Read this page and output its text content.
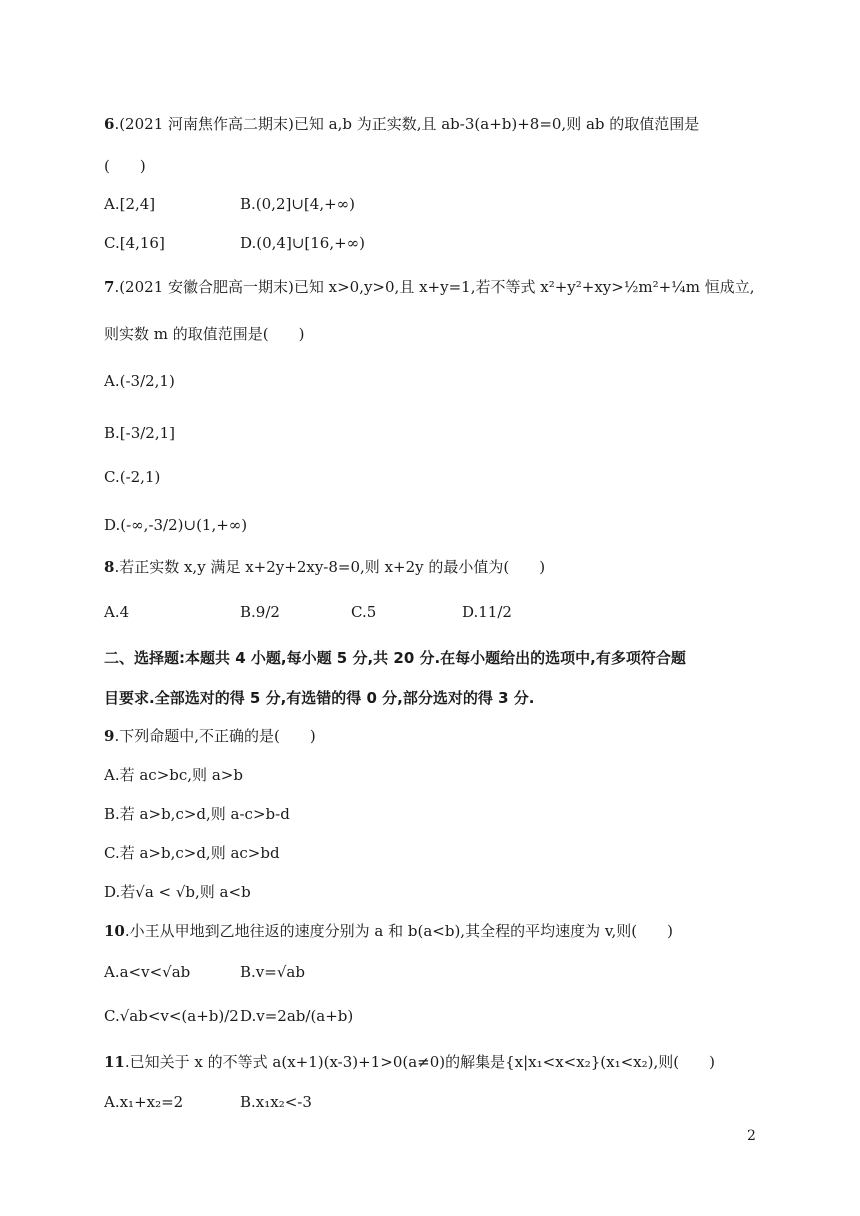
6.(2021 河南焦作高二期末)已知 a,b 为正实数,且 ab-3(a+b)+8=0,则 ab 的取值范围是
(　　)
A.[2,4]	B.(0,2]∪[4,+∞)
C.[4,16]	D.(0,4]∪[16,+∞)
7.(2021 安徽合肥高一期末)已知 x>0,y>0,且 x+y=1,若不等式 x²+y²+xy>½m²+¼m 恒成立,
则实数 m 的取值范围是(　　)
A.(-3/2,1)
B.[-3/2,1]
C.(-2,1)
D.(-∞,-3/2)∪(1,+∞)
8.若正实数 x,y 满足 x+2y+2xy-8=0,则 x+2y 的最小值为(　　)
A.4	B.9/2	C.5	D.11/2
二、选择题:本题共 4 小题,每小题 5 分,共 20 分.在每小题给出的选项中,有多项符合题
目要求.全部选对的得 5 分,有选错的得 0 分,部分选对的得 3 分.
9.下列命题中,不正确的是(　　)
A.若 ac>bc,则 a>b
B.若 a>b,c>d,则 a-c>b-d
C.若 a>b,c>d,则 ac>bd
D.若√a < √b,则 a<b
10.小王从甲地到乙地往返的速度分别为 a 和 b(a<b),其全程的平均速度为 v,则(　　)
A.a<v<√ab	B.v=√ab
C.√ab<v<(a+b)/2 D.v=2ab/(a+b)
11.已知关于 x 的不等式 a(x+1)(x-3)+1>0(a≠0)的解集是{x|x₁<x<x₂}(x₁<x₂),则(　　)
A.x₁+x₂=2	B.x₁x₂<-3
2
